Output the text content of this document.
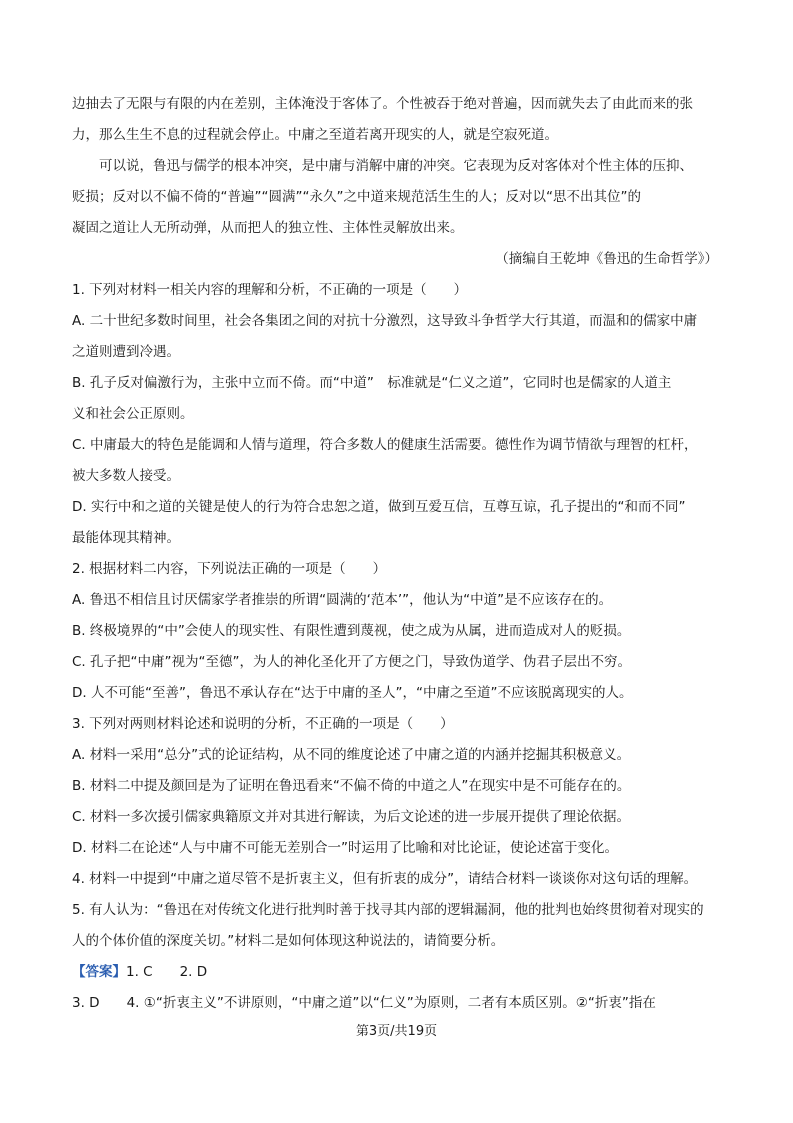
边抽去了无限与有限的内在差别，主体淹没于客体了。个性被吞于绝对普遍，因而就失去了由此而来的张
力，那么生生不息的过程就会停止。中庸之至道若离开现实的人，就是空寂死道。
可以说，鲁迅与儒学的根本冲突，是中庸与消解中庸的冲突。它表现为反对客体对个性主体的压抑、
贬损；反对以不偏不倚的“普遍”“圆满”“永久”之中道来规范活生生的人；反对以“思不出其位”的
凝固之道让人无所动弹，从而把人的独立性、主体性灵解放出来。
（摘编自王乾坤《鲁迅的生命哲学》）
1. 下列对材料一相关内容的理解和分析，不正确的一项是（　　）
A. 二十世纪多数时间里，社会各集团之间的对抗十分激烈，这导致斗争哲学大行其道，而温和的儒家中庸
之道则遭到冷遇。
B. 孔子反对偏激行为，主张中立而不倚。而“中道”　标准就是“仁义之道”，它同时也是儒家的人道主
义和社会公正原则。
C. 中庸最大的特色是能调和人情与道理，符合多数人的健康生活需要。德性作为调节情欲与理智的杠杆，
被大多数人接受。
D. 实行中和之道的关键是使人的行为符合忠恕之道，做到互爱互信，互尊互谅，孔子提出的“和而不同”
最能体现其精神。
2. 根据材料二内容，下列说法正确的一项是（　　）
A. 鲁迅不相信且讨厌儒家学者推崇的所谓“圆满的‘范本’”，他认为“中道”是不应该存在的。
B. 终极境界的“中”会使人的现实性、有限性遭到蔑视，使之成为从属，进而造成对人的贬损。
C. 孔子把“中庸”视为“至德”，为人的神化圣化开了方便之门，导致伪道学、伪君子层出不穷。
D. 人不可能“至善”，鲁迅不承认存在“达于中庸的圣人”，“中庸之至道”不应该脱离现实的人。
3. 下列对两则材料论述和说明的分析，不正确的一项是（　　）
A. 材料一采用“总分”式的论证结构，从不同的维度论述了中庸之道的内涵并挖掘其积极意义。
B. 材料二中提及颜回是为了证明在鲁迅看来“不偏不倚的中道之人”在现实中是不可能存在的。
C. 材料一多次援引儒家典籍原文并对其进行解读，为后文论述的进一步展开提供了理论依据。
D. 材料二在论述“人与中庸不可能无差别合一”时运用了比喻和对比论证，使论述富于变化。
4. 材料一中提到“中庸之道尽管不是折衷主义，但有折衷的成分”，请结合材料一谈谈你对这句话的理解。
5. 有人认为：“鲁迅在对传统文化进行批判时善于找寻其内部的逻辑漏洞，他的批判也始终贯彻着对现实的
人的个体价值的深度关切。”材料二是如何体现这种说法的，请简要分析。
【答案】1. C　　2. D
3. D　　4. ①“折衷主义”不讲原则，“中庸之道”以“仁义”为原则，二者有本质区别。②“折衷”指在
第3页/共19页
